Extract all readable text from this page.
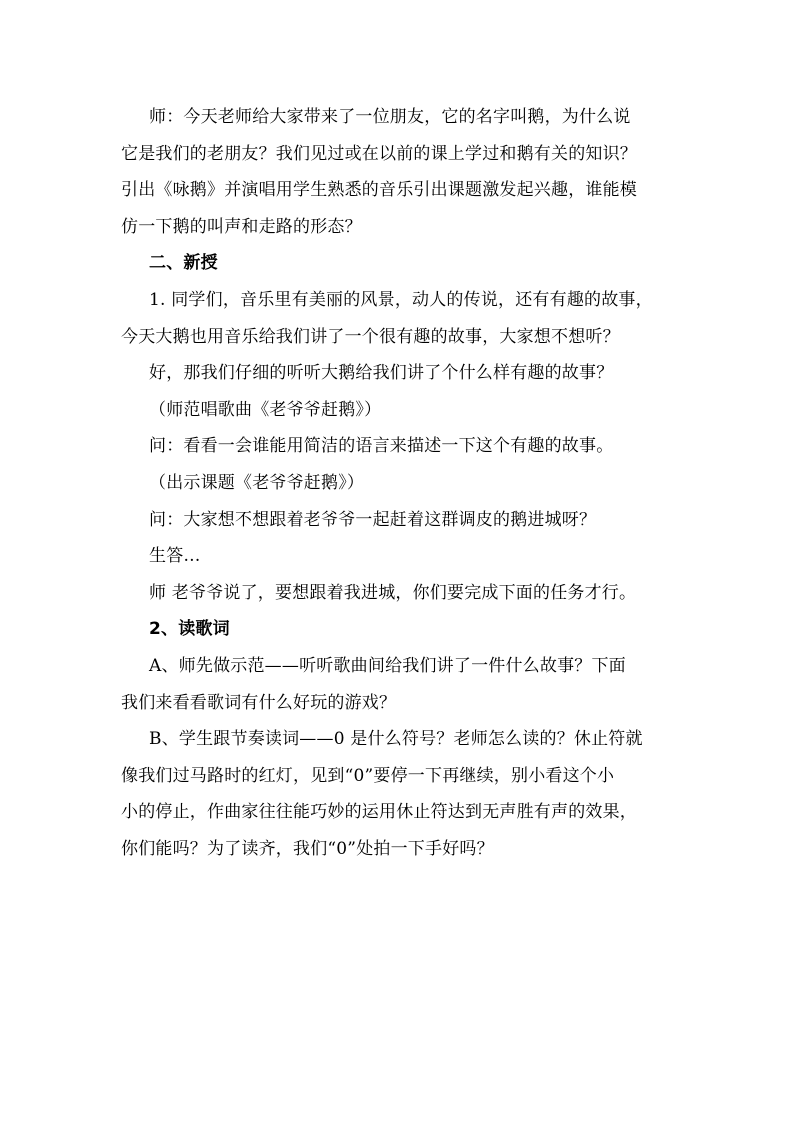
师：今天老师给大家带来了一位朋友，它的名字叫鹅，为什么说
它是我们的老朋友？我们见过或在以前的课上学过和鹅有关的知识？
引出《咏鹅》并演唱用学生熟悉的音乐引出课题激发起兴趣，谁能模
仿一下鹅的叫声和走路的形态？
二、新授
1. 同学们，音乐里有美丽的风景，动人的传说，还有有趣的故事，
今天大鹅也用音乐给我们讲了一个很有趣的故事，大家想不想听？
好，那我们仔细的听听大鹅给我们讲了个什么样有趣的故事？
（师范唱歌曲《老爷爷赶鹅》）
问：看看一会谁能用简洁的语言来描述一下这个有趣的故事。
（出示课题《老爷爷赶鹅》）
问：大家想不想跟着老爷爷一起赶着这群调皮的鹅进城呀？
生答…
师 老爷爷说了，要想跟着我进城，你们要完成下面的任务才行。
2、读歌词
A、师先做示范——听听歌曲间给我们讲了一件什么故事？下面
我们来看看歌词有什么好玩的游戏？
B、学生跟节奏读词——0 是什么符号？老师怎么读的？休止符就
像我们过马路时的红灯，见到“0”要停一下再继续，别小看这个小
小的停止，作曲家往往能巧妙的运用休止符达到无声胜有声的效果，
你们能吗？为了读齐，我们“0”处拍一下手好吗？
